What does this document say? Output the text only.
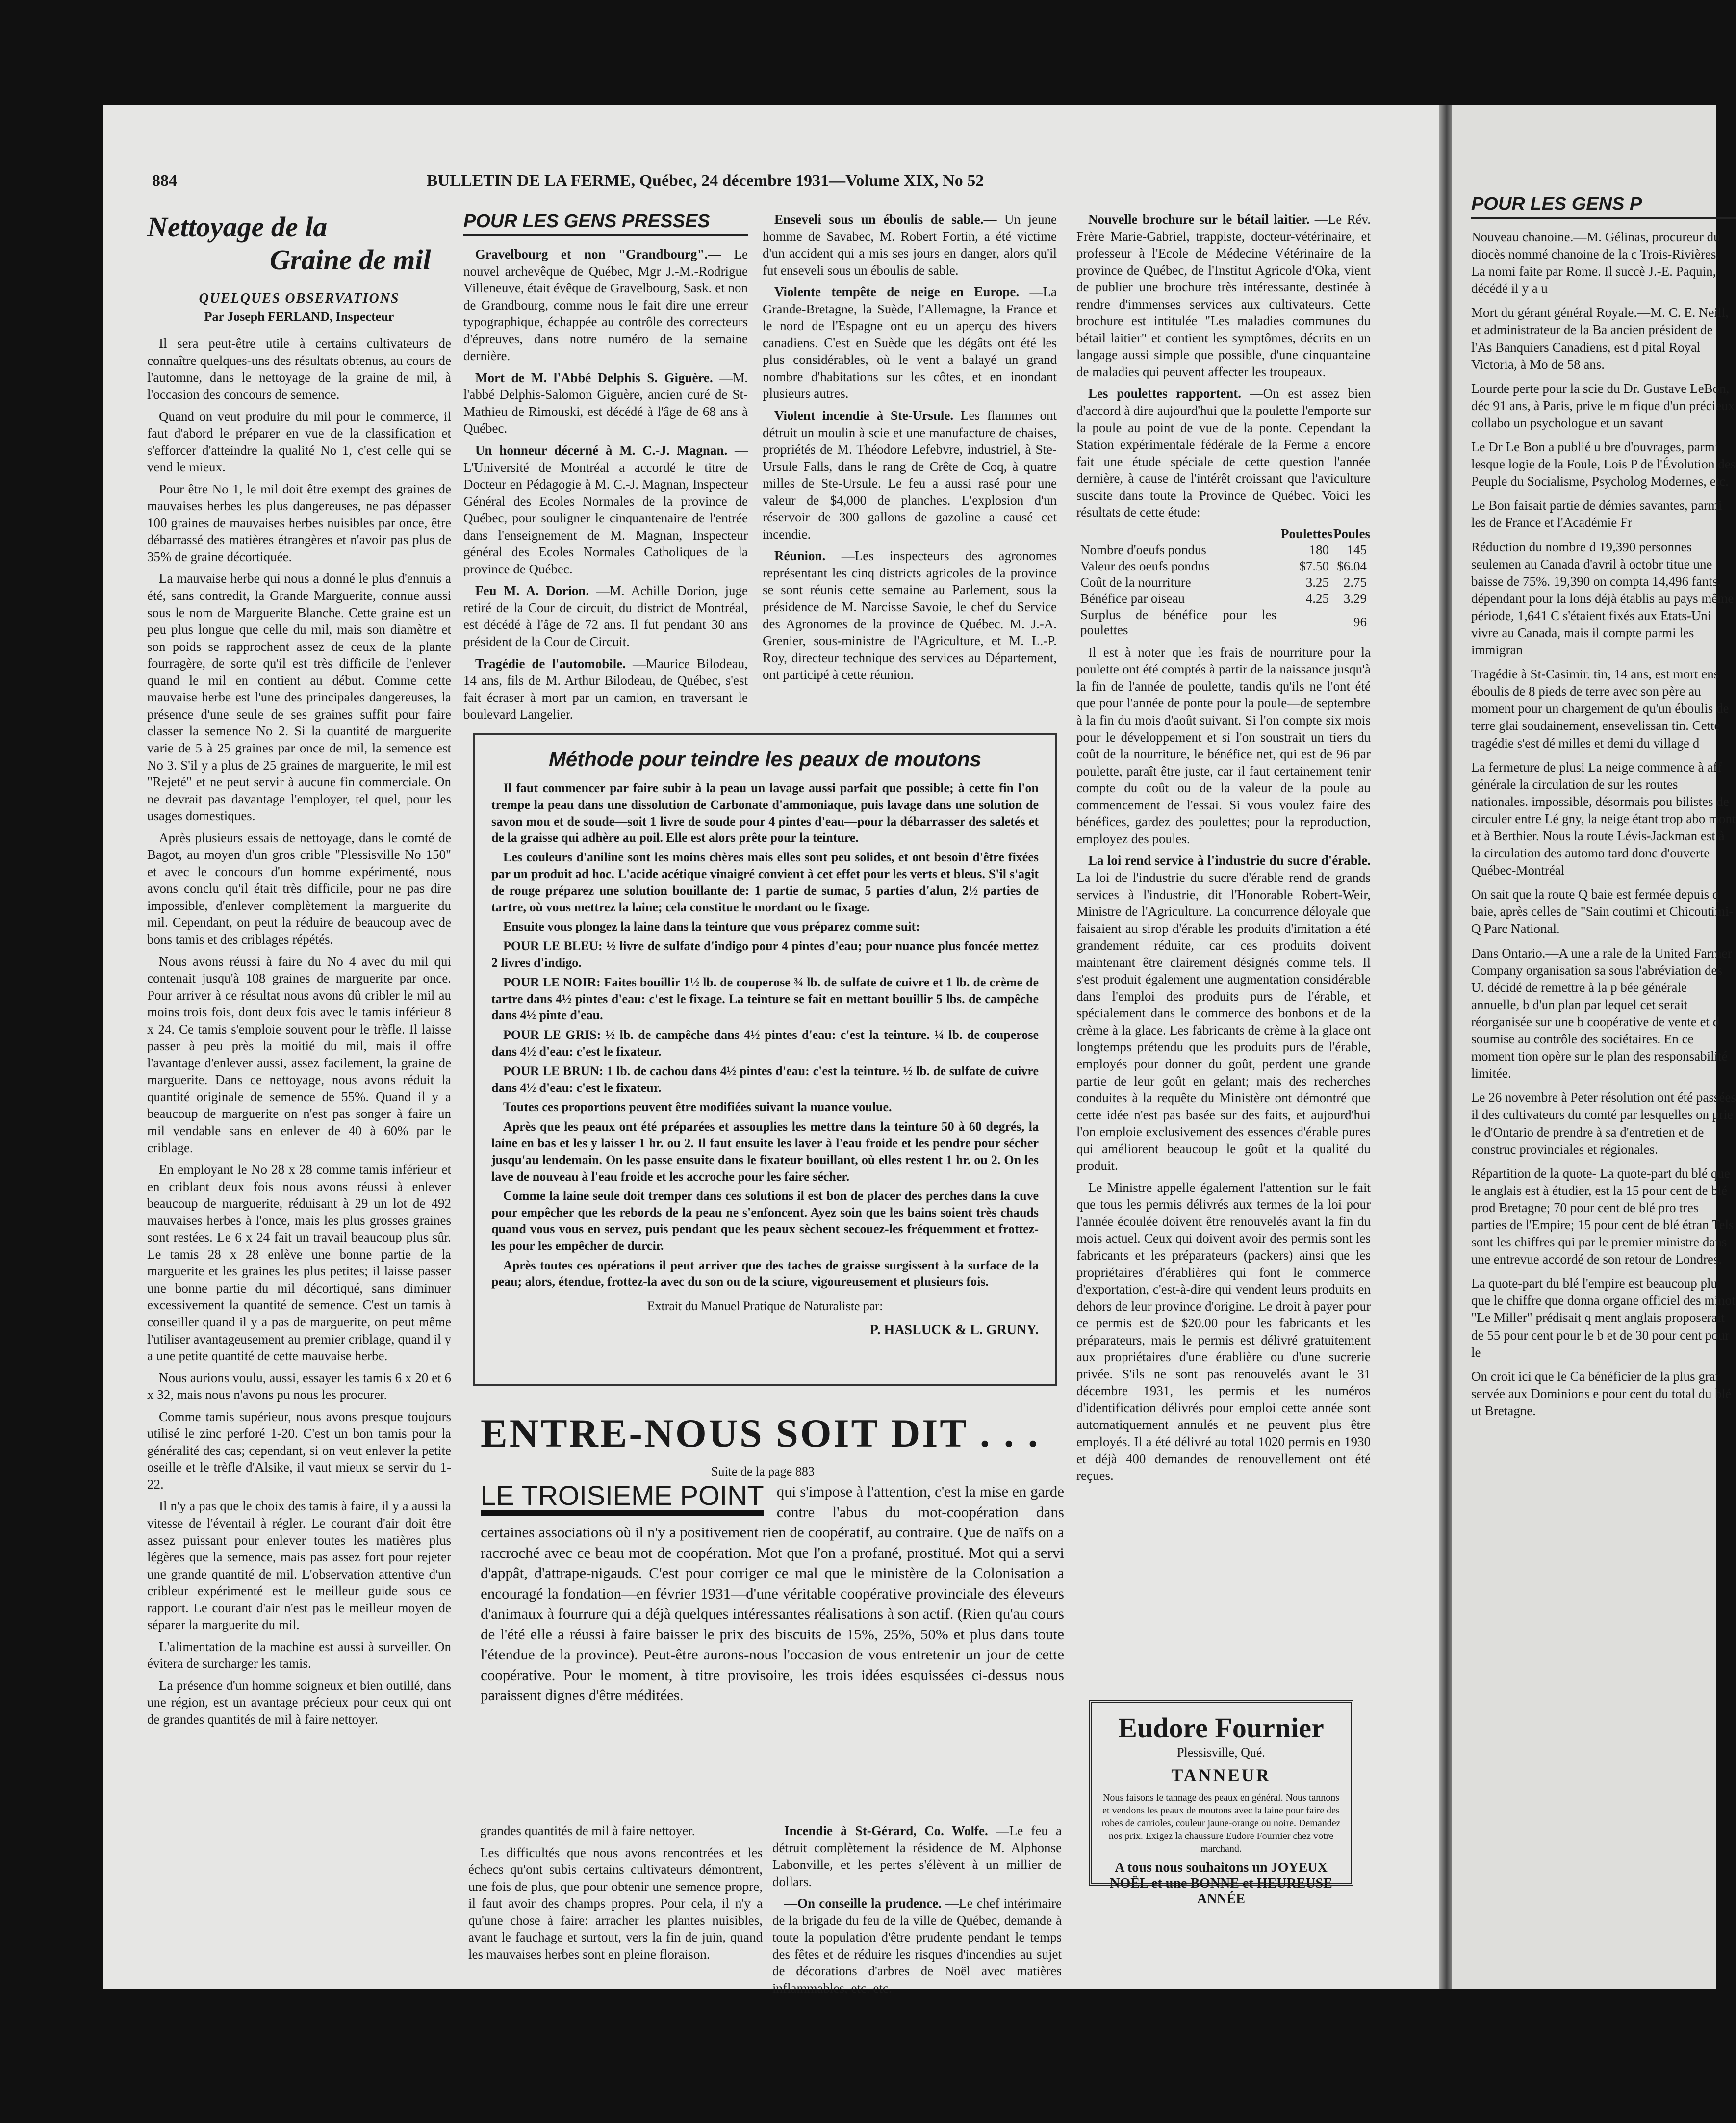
884	BULLETIN DE LA FERME, Québec, 24 décembre 1931—Volume XIX, No 52
Nettoyage de la
Graine de mil
QUELQUES OBSERVATIONS
Par Joseph FERLAND, Inspecteur

Il sera peut-être utile à certains cultivateurs de connaître quelques-uns des résultats obtenus, au cours de l'automne, dans le nettoyage de la graine de mil, à l'occasion des concours de semence.

Quand on veut produire du mil pour le commerce, il faut d'abord le préparer en vue de la classification et s'efforcer d'atteindre la qualité No 1, c'est celle qui se vend le mieux.

Pour être No 1, le mil doit être exempt des graines de mauvaises herbes les plus dangereuses, ne pas dépasser 100 graines de mauvaises herbes nuisibles par once, être débarrassé des matières étrangères et n'avoir pas plus de 35% de graine décortiquée.

La mauvaise herbe qui nous a donné le plus d'ennuis a été, sans contredit, la Grande Marguerite, connue aussi sous le nom de Marguerite Blanche. Cette graine est un peu plus longue que celle du mil, mais son diamètre et son poids se rapprochent assez de ceux de la plante fourragère, de sorte qu'il est très difficile de l'enlever quand le mil en contient au début. Comme cette mauvaise herbe est l'une des principales dangereuses, la présence d'une seule de ses graines suffit pour faire classer la semence No 2. Si la quantité de marguerite varie de 5 à 25 graines par once de mil, la semence est No 3. S'il y a plus de 25 graines de marguerite, le mil est "Rejeté" et ne peut servir à aucune fin commerciale. On ne devrait pas davantage l'employer, tel quel, pour les usages domestiques.

Après plusieurs essais de nettoyage, dans le comté de Bagot, au moyen d'un gros crible "Plessisville No 150" et avec le concours d'un homme expérimenté, nous avons conclu qu'il était très difficile, pour ne pas dire impossible, d'enlever complètement la marguerite du mil. Cependant, on peut la réduire de beaucoup avec de bons tamis et des criblages répétés.

Nous avons réussi à faire du No 4 avec du mil qui contenait jusqu'à 108 graines de marguerite par once. Pour arriver à ce résultat nous avons dû cribler le mil au moins trois fois, dont deux fois avec le tamis inférieur 8 x 24. Ce tamis s'emploie souvent pour le trèfle. Il laisse passer à peu près la moitié du mil, mais il offre l'avantage d'enlever aussi, assez facilement, la graine de marguerite. Dans ce nettoyage, nous avons réduit la quantité originale de semence de 55%. Quand il y a beaucoup de marguerite on n'est pas songer à faire un mil vendable sans en enlever de 40 à 60% par le criblage.

En employant le No 28 x 28 comme tamis inférieur et en criblant deux fois nous avons réussi à enlever beaucoup de marguerite, réduisant à 29 un lot de 492 mauvaises herbes à l'once, mais les plus grosses graines sont restées. Le 6 x 24 fait un travail beaucoup plus sûr. Le tamis 28 x 28 enlève une bonne partie de la marguerite et les graines les plus petites; il laisse passer une bonne partie du mil décortiqué, sans diminuer excessivement la quantité de semence. C'est un tamis à conseiller quand il y a pas de marguerite, on peut même l'utiliser avantageusement au premier criblage, quand il y a une petite quantité de cette mauvaise herbe.

Nous aurions voulu, aussi, essayer les tamis 6 x 20 et 6 x 32, mais nous n'avons pu nous les procurer.

Comme tamis supérieur, nous avons presque toujours utilisé le zinc perforé 1-20. C'est un bon tamis pour la généralité des cas; cependant, si on veut enlever la petite oseille et le trèfle d'Alsike, il vaut mieux se servir du 1-22.

Il n'y a pas que le choix des tamis à faire, il y a aussi la vitesse de l'éventail à régler. Le courant d'air doit être assez puissant pour enlever toutes les matières plus légères que la semence, mais pas assez fort pour rejeter une grande quantité de mil. L'observation attentive d'un cribleur expérimenté est le meilleur guide sous ce rapport. Le courant d'air n'est pas le meilleur moyen de séparer la marguerite du mil.

L'alimentation de la machine est aussi à surveiller. On évitera de surcharger les tamis.

La présence d'un homme soigneux et bien outillé, dans une région, est un avantage précieux pour ceux qui ont de grandes quantités de mil à faire nettoyer.

POUR LES GENS PRESSES

Gravelbourg et non "Grandbourg".— Le nouvel archevêque de Québec, Mgr J.-M.-Rodrigue Villeneuve, était évêque de Gravelbourg, Sask. et non de Grandbourg, comme nous le fait dire une erreur typographique, échappée au contrôle des correcteurs d'épreuves, dans notre numéro de la semaine dernière.

Mort de M. l'Abbé Delphis S. Giguère. —M. l'abbé Delphis-Salomon Giguère, ancien curé de St-Mathieu de Rimouski, est décédé à l'âge de 68 ans à Québec.

Un honneur décerné à M. C.-J. Magnan. —L'Université de Montréal a accordé le titre de Docteur en Pédagogie à M. C.-J. Magnan, Inspecteur Général des Ecoles Normales de la province de Québec, pour souligner le cinquantenaire de l'entrée dans l'enseignement de M. Magnan, Inspecteur général des Ecoles Normales Catholiques de la province de Québec.

Feu M. A. Dorion. —M. Achille Dorion, juge retiré de la Cour de circuit, du district de Montréal, est décédé à l'âge de 72 ans. Il fut pendant 30 ans président de la Cour de Circuit.

Tragédie de l'automobile. —Maurice Bilodeau, 14 ans, fils de M. Arthur Bilodeau, de Québec, s'est fait écraser à mort par un camion, en traversant le boulevard Langelier.

Enseveli sous un éboulis de sable.— Un jeune homme de Savabec, M. Robert Fortin, a été victime d'un accident qui a mis ses jours en danger, alors qu'il fut enseveli sous un éboulis de sable.

Violente tempête de neige en Europe. —La Grande-Bretagne, la Suède, l'Allemagne, la France et le nord de l'Espagne ont eu un aperçu des hivers canadiens. C'est en Suède que les dégâts ont été les plus considérables, où le vent a balayé un grand nombre d'habitations sur les côtes, et en inondant plusieurs autres.

Violent incendie à Ste-Ursule. Les flammes ont détruit un moulin à scie et une manufacture de chaises, propriétés de M. Théodore Lefebvre, industriel, à Ste-Ursule Falls, dans le rang de Crête de Coq, à quatre milles de Ste-Ursule. Le feu a aussi rasé pour une valeur de $4,000 de planches. L'explosion d'un réservoir de 300 gallons de gazoline a causé cet incendie.

Réunion. —Les inspecteurs des agronomes représentant les cinq districts agricoles de la province se sont réunis cette semaine au Parlement, sous la présidence de M. Narcisse Savoie, le chef du Service des Agronomes de la province de Québec. M. J.-A. Grenier, sous-ministre de l'Agriculture, et M. L.-P. Roy, directeur technique des services au Département, ont participé à cette réunion.

Méthode pour teindre les peaux de moutons

Il faut commencer par faire subir à la peau un lavage aussi parfait que possible; à cette fin l'on trempe la peau dans une dissolution de Carbonate d'ammoniaque, puis lavage dans une solution de savon mou et de soude—soit 1 livre de soude pour 4 pintes d'eau—pour la débarrasser des saletés et de la graisse qui adhère au poil. Elle est alors prête pour la teinture.

Les couleurs d'aniline sont les moins chères mais elles sont peu solides, et ont besoin d'être fixées par un produit ad hoc. L'acide acétique vinaigré convient à cet effet pour les verts et bleus. S'il s'agit de rouge préparez une solution bouillante de: 1 partie de sumac, 5 parties d'alun, 2½ parties de tartre, où vous mettrez la laine; cela constitue le mordant ou le fixage.

Ensuite vous plongez la laine dans la teinture que vous préparez comme suit:

POUR LE BLEU: ½ livre de sulfate d'indigo pour 4 pintes d'eau; pour nuance plus foncée mettez 2 livres d'indigo.

POUR LE NOIR: Faites bouillir 1½ lb. de couperose ¾ lb. de sulfate de cuivre et 1 lb. de crème de tartre dans 4½ pintes d'eau: c'est le fixage. La teinture se fait en mettant bouillir 5 lbs. de campêche dans 4½ pinte d'eau.

POUR LE GRIS: ½ lb. de campêche dans 4½ pintes d'eau: c'est la teinture. ¼ lb. de couperose dans 4½ d'eau: c'est le fixateur.

POUR LE BRUN: 1 lb. de cachou dans 4½ pintes d'eau: c'est la teinture. ½ lb. de sulfate de cuivre dans 4½ d'eau: c'est le fixateur.

Toutes ces proportions peuvent être modifiées suivant la nuance voulue.

Après que les peaux ont été préparées et assouplies les mettre dans la teinture 50 à 60 degrés, la laine en bas et les y laisser 1 hr. ou 2. Il faut ensuite les laver à l'eau froide et les pendre pour sécher jusqu'au lendemain. On les passe ensuite dans le fixateur bouillant, où elles restent 1 hr. ou 2. On les lave de nouveau à l'eau froide et les accroche pour les faire sécher.

Comme la laine seule doit tremper dans ces solutions il est bon de placer des perches dans la cuve pour empêcher que les rebords de la peau ne s'enfoncent. Ayez soin que les bains soient très chauds quand vous vous en servez, puis pendant que les peaux sèchent secouez-les fréquemment et frottez-les pour les empêcher de durcir.

Après toutes ces opérations il peut arriver que des taches de graisse surgissent à la surface de la peau; alors, étendue, frottez-la avec du son ou de la sciure, vigoureusement et plusieurs fois.

Extrait du Manuel Pratique de Naturaliste par:
P. HASLUCK & L. GRUNY.
ENTRE-NOUS SOIT DIT . . .
Suite de la page 883
LE TROISIEME POINT qui s'impose à l'attention, c'est la mise en garde contre l'abus du mot-coopération dans certaines associations où il n'y a positivement rien de coopératif, au contraire. Que de naïfs on a raccroché avec ce beau mot de coopération. Mot que l'on a profané, prostitué. Mot qui a servi d'appât, d'attrape-nigauds. C'est pour corriger ce mal que le ministère de la Colonisation a encouragé la fondation—en février 1931—d'une véritable coopérative provinciale des éleveurs d'animaux à fourrure qui a déjà quelques intéressantes réalisations à son actif. (Rien qu'au cours de l'été elle a réussi à faire baisser le prix des biscuits de 15%, 25%, 50% et plus dans toute l'étendue de la province). Peut-être aurons-nous l'occasion de vous entretenir un jour de cette coopérative. Pour le moment, à titre provisoire, les trois idées esquissées ci-dessus nous paraissent dignes d'être méditées.

grandes quantités de mil à faire nettoyer.

Les difficultés que nous avons rencontrées et les échecs qu'ont subis certains cultivateurs démontrent, une fois de plus, que pour obtenir une semence propre, il faut avoir des champs propres. Pour cela, il n'y a qu'une chose à faire: arracher les plantes nuisibles, avant le fauchage et surtout, vers la fin de juin, quand les mauvaises herbes sont en pleine floraison.

Incendie à St-Gérard, Co. Wolfe. —Le feu a détruit complètement la résidence de M. Alphonse Labonville, et les pertes s'élèvent à un millier de dollars.

—On conseille la prudence. —Le chef intérimaire de la brigade du feu de la ville de Québec, demande à toute la population d'être prudente pendant le temps des fêtes et de réduire les risques d'incendies au sujet de décorations d'arbres de Noël avec matières inflammables, etc. etc.

Nouvelle brochure sur le bétail laitier. —Le Rév. Frère Marie-Gabriel, trappiste, docteur-vétérinaire, et professeur à l'Ecole de Médecine Vétérinaire de la province de Québec, de l'Institut Agricole d'Oka, vient de publier une brochure très intéressante, destinée à rendre d'immenses services aux cultivateurs. Cette brochure est intitulée "Les maladies communes du bétail laitier" et contient les symptômes, décrits en un langage aussi simple que possible, d'une cinquantaine de maladies qui peuvent affecter les troupeaux.

Les poulettes rapportent. —On est assez bien d'accord à dire aujourd'hui que la poulette l'emporte sur la poule au point de vue de la ponte. Cependant la Station expérimentale fédérale de la Ferme a encore fait une étude spéciale de cette question l'année dernière, à cause de l'intérêt croissant que l'aviculture suscite dans toute la Province de Québec. Voici les résultats de cette étude:

	Poulettes	Poules
Nombre d'oeufs pondus	180	145
Valeur des oeufs pondus	$7.50	$6.04
Coût de la nourriture	3.25	2.75
Bénéfice par oiseau	4.25	3.29
Surplus de bénéfice pour les poulettes		96

Il est à noter que les frais de nourriture pour la poulette ont été comptés à partir de la naissance jusqu'à la fin de l'année de poulette, tandis qu'ils ne l'ont été que pour l'année de ponte pour la poule—de septembre à la fin du mois d'août suivant. Si l'on compte six mois pour le développement et si l'on soustrait un tiers du coût de la nourriture, le bénéfice net, qui est de 96 par poulette, paraît être juste, car il faut certainement tenir compte du coût ou de la valeur de la poule au commencement de l'essai. Si vous voulez faire des bénéfices, gardez des poulettes; pour la reproduction, employez des poules.

La loi rend service à l'industrie du sucre d'érable. La loi de l'industrie du sucre d'érable rend de grands services à l'industrie, dit l'Honorable Robert-Weir, Ministre de l'Agriculture. La concurrence déloyale que faisaient au sirop d'érable les produits d'imitation a été grandement réduite, car ces produits doivent maintenant être clairement désignés comme tels. Il s'est produit également une augmentation considérable dans l'emploi des produits purs de l'érable, et spécialement dans le commerce des bonbons et de la crème à la glace. Les fabricants de crème à la glace ont longtemps prétendu que les produits purs de l'érable, employés pour donner du goût, perdent une grande partie de leur goût en gelant; mais des recherches conduites à la requête du Ministère ont démontré que cette idée n'est pas basée sur des faits, et aujourd'hui l'on emploie exclusivement des essences d'érable pures qui améliorent beaucoup le goût et la qualité du produit.

Le Ministre appelle également l'attention sur le fait que tous les permis délivrés aux termes de la loi pour l'année écoulée doivent être renouvelés avant la fin du mois actuel. Ceux qui doivent avoir des permis sont les fabricants et les préparateurs (packers) ainsi que les propriétaires d'érablières qui font le commerce d'exportation, c'est-à-dire qui vendent leurs produits en dehors de leur province d'origine. Le droit à payer pour ce permis est de $20.00 pour les fabricants et les préparateurs, mais le permis est délivré gratuitement aux propriétaires d'une érablière ou d'une sucrerie privée. S'ils ne sont pas renouvelés avant le 31 décembre 1931, les permis et les numéros d'identification délivrés pour emploi cette année sont automatiquement annulés et ne peuvent plus être employés. Il a été délivré au total 1020 permis en 1930 et déjà 400 demandes de renouvellement ont été reçues.

Eudore Fournier
Plessisville, Qué.
TANNEUR
Nous faisons le tannage des peaux en général. Nous tannons et vendons les peaux de moutons avec la laine pour faire des robes de carrioles, couleur jaune-orange ou noire. Demandez nos prix. Exigez la chaussure Eudore Fournier chez votre marchand.
A tous nous souhaitons un JOYEUX NOËL et une BONNE et HEUREUSE ANNÉE
POUR LES GENS P

Nouveau chanoine.—M. Gélinas, procureur du diocès nommé chanoine de la c Trois-Rivières. La nomi faite par Rome. Il succè J.-E. Paquin, décédé il y a u

Mort du gérant général Royale.—M. C. E. Neill, et administrateur de la Ba ancien président de l'As Banquiers Canadiens, est d pital Royal Victoria, à Mo de 58 ans.

Lourde perte pour la scie du Dr. Gustave LeBon, déc 91 ans, à Paris, prive le m fique d'un précieux collabo un psychologue et un savant

Le Dr Le Bon a publié u bre d'ouvrages, parmi lesque logie de la Foule, Lois P de l'Évolution des Peuple du Socialisme, Psycholog Modernes, etc.

Le Bon faisait partie de démies savantes, parmi les de France et l'Académie Fr

Réduction du nombre d 19,390 personnes seulemen au Canada d'avril à octobr titue une baisse de 75%. 19,390 on compta 14,496 fants, dépendant pour la lons déjà établis au pays même période, 1,641 C s'étaient fixés aux Etats-Uni vivre au Canada, mais il compte parmi les immigran

Tragédie à St-Casimir. tin, 14 ans, est mort ens éboulis de 8 pieds de terre avec son père au moment pour un chargement de qu'un éboulis de terre glai soudainement, ensevelissan tin. Cette tragédie s'est dé milles et demi du village d

La fermeture de plusi La neige commence à aff générale la circulation de sur les routes nationales. impossible, désormais pou bilistes de circuler entre Lé gny, la neige étant trop abo mont et à Berthier. Nous la route Lévis-Jackman est à la circulation des automo tard donc d'ouverte Québec-Montréal

On sait que la route Q baie est fermée depuis q baie, après celles de "Sain coutimi et Chicoutimi-Q Parc National.

Dans Ontario.—A une a rale de la United Farmer Company organisation sa sous l'abréviation des U. décidé de remettre à la p bée générale annuelle, b d'un plan par lequel cet serait réorganisée sur une b coopérative de vente et d soumise au contrôle des sociétaires. En ce moment tion opère sur le plan des responsabilité limitée.

Le 26 novembre à Peter résolution ont été passées il des cultivateurs du comté par lesquelles on prie le d'Ontario de prendre à sa d'entretien et de construc provinciales et régionales.

Répartition de la quote- La quote-part du blé que le anglais est à étudier, est la 15 pour cent de blé prod Bretagne; 70 pour cent de blé pro tres parties de l'Empire; 15 pour cent de blé étran Tels sont les chiffres qui par le premier ministre dans une entrevue accordé de son retour de Londres.

La quote-part du blé l'empire est beaucoup plu que le chiffre que donna organe officiel des minot "Le Miller" prédisait q ment anglais proposerait de 55 pour cent pour le b et de 30 pour cent pour le

On croit ici que le Ca bénéficier de la plus grar servée aux Dominions e pour cent du total du blé ut Bretagne.
